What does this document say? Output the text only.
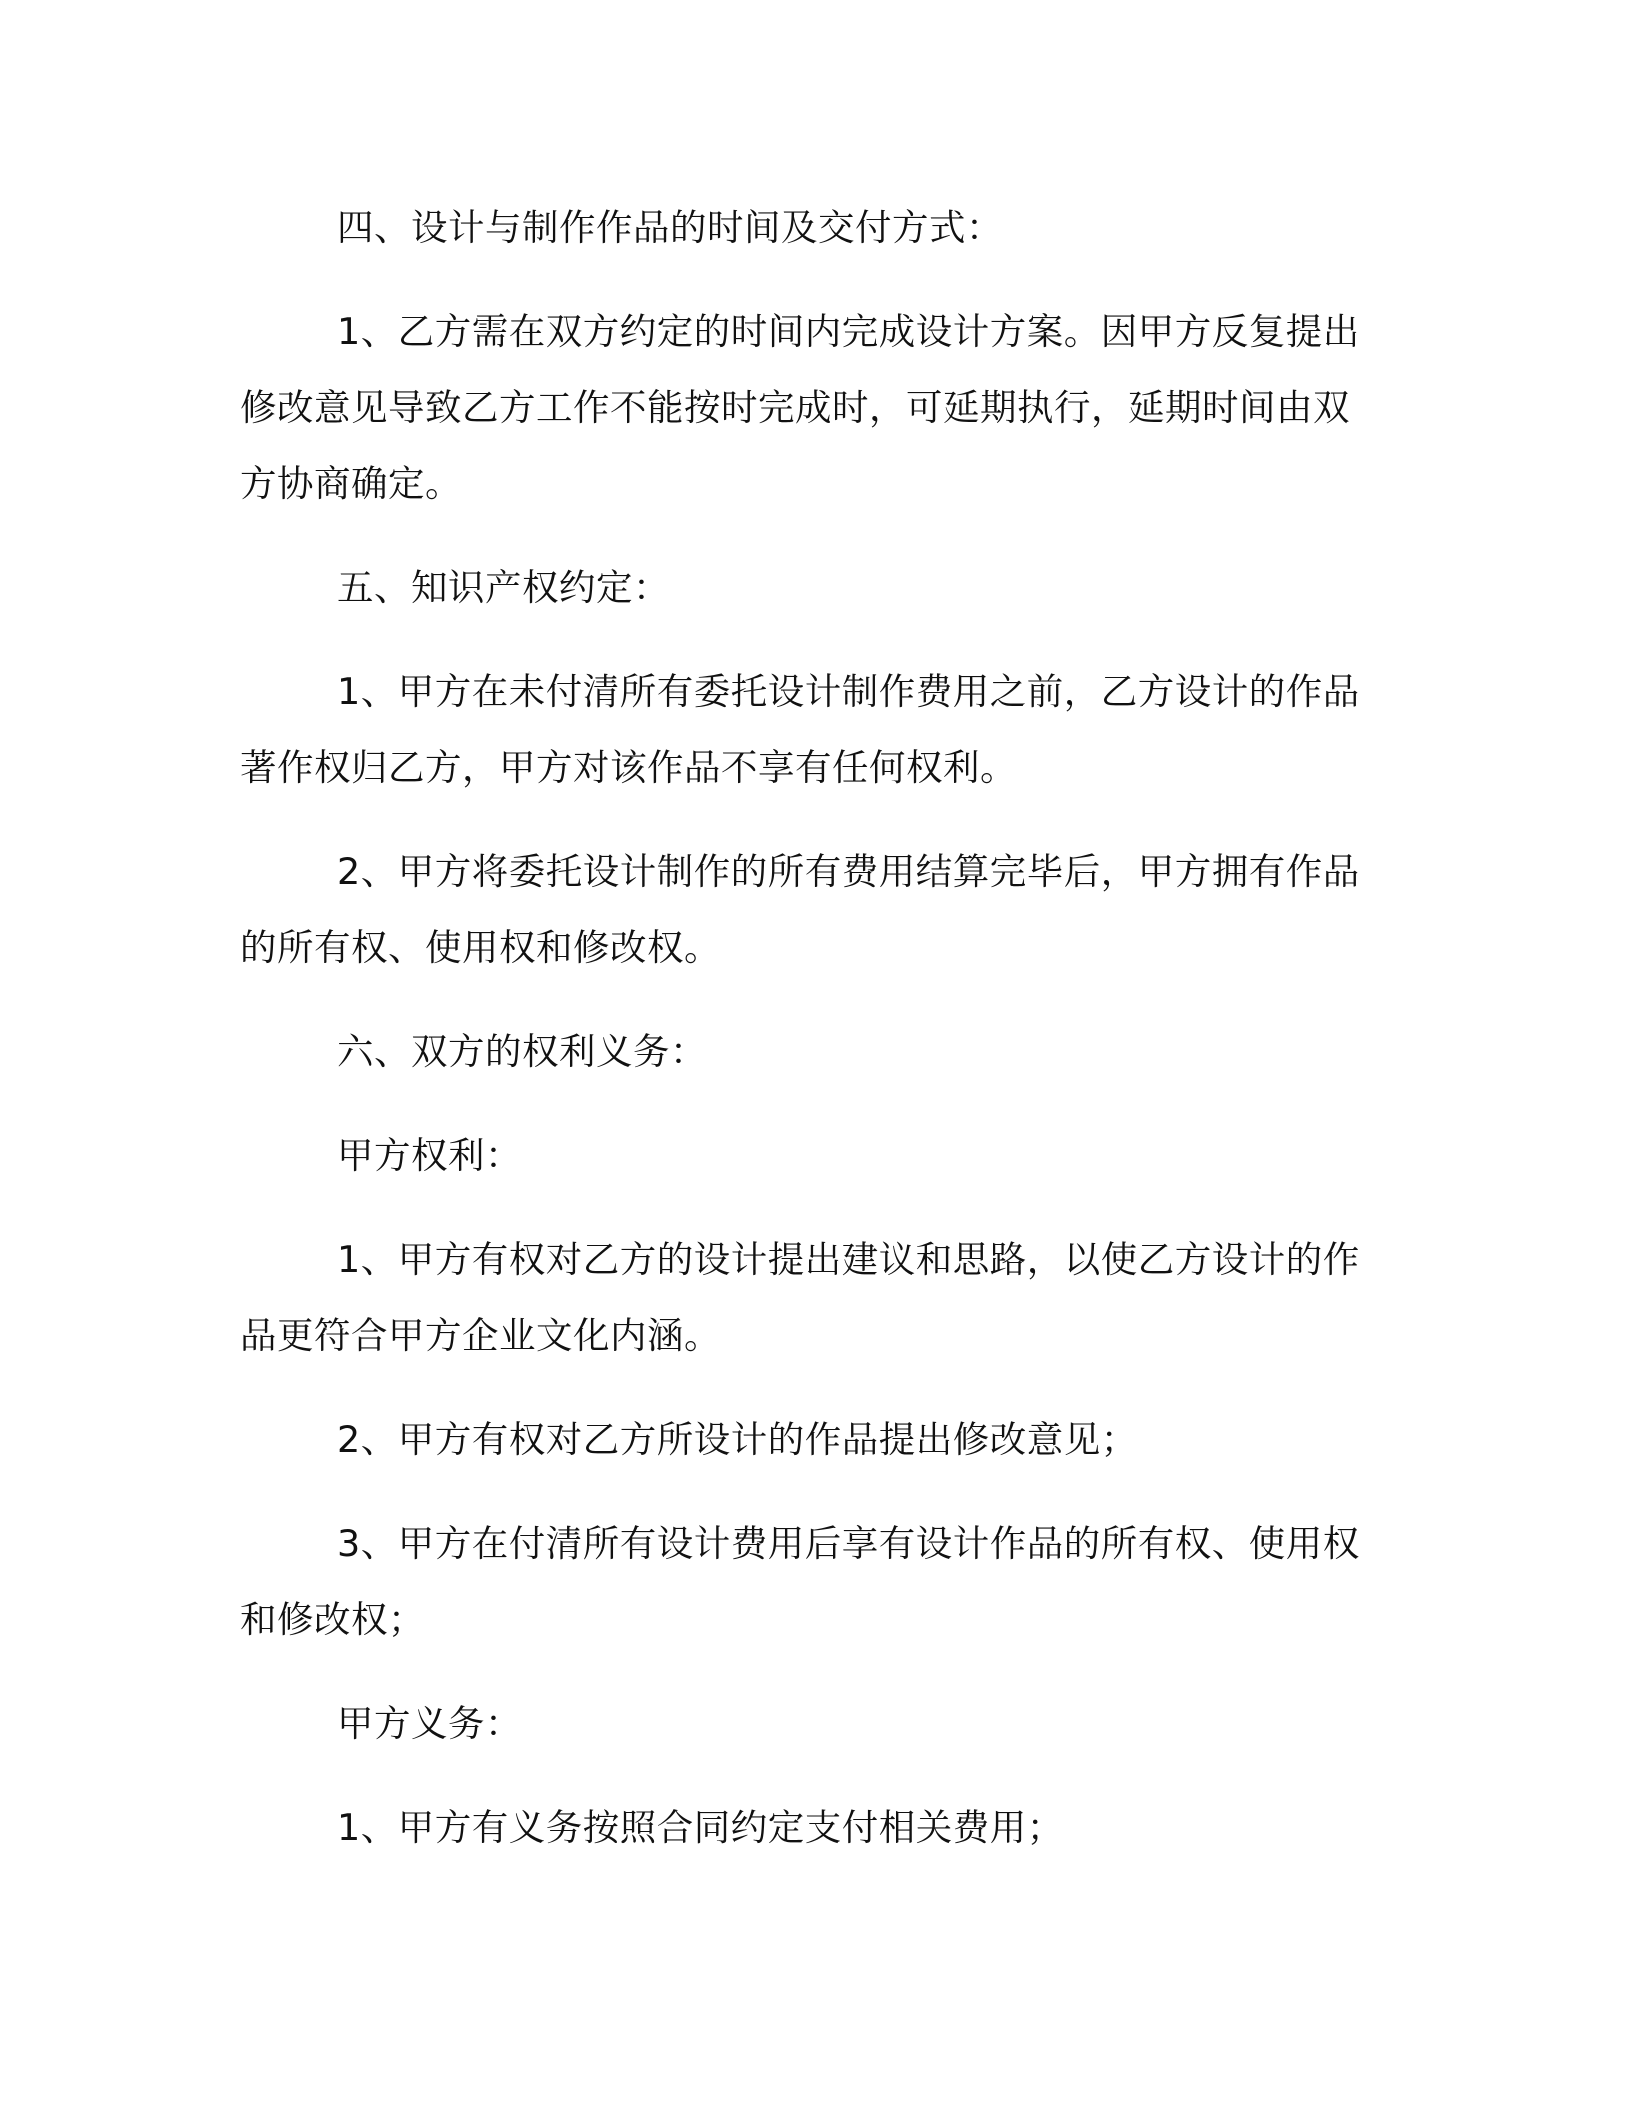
四、设计与制作作品的时间及交付方式：

1、乙方需在双方约定的时间内完成设计方案。因甲方反复提出修改意见导致乙方工作不能按时完成时，可延期执行，延期时间由双方协商确定。

五、知识产权约定：

1、甲方在未付清所有委托设计制作费用之前，乙方设计的作品著作权归乙方，甲方对该作品不享有任何权利。

2、甲方将委托设计制作的所有费用结算完毕后，甲方拥有作品的所有权、使用权和修改权。

六、双方的权利义务：

甲方权利：

1、甲方有权对乙方的设计提出建议和思路，以使乙方设计的作品更符合甲方企业文化内涵。

2、甲方有权对乙方所设计的作品提出修改意见；

3、甲方在付清所有设计费用后享有设计作品的所有权、使用权和修改权；

甲方义务：

1、甲方有义务按照合同约定支付相关费用；
